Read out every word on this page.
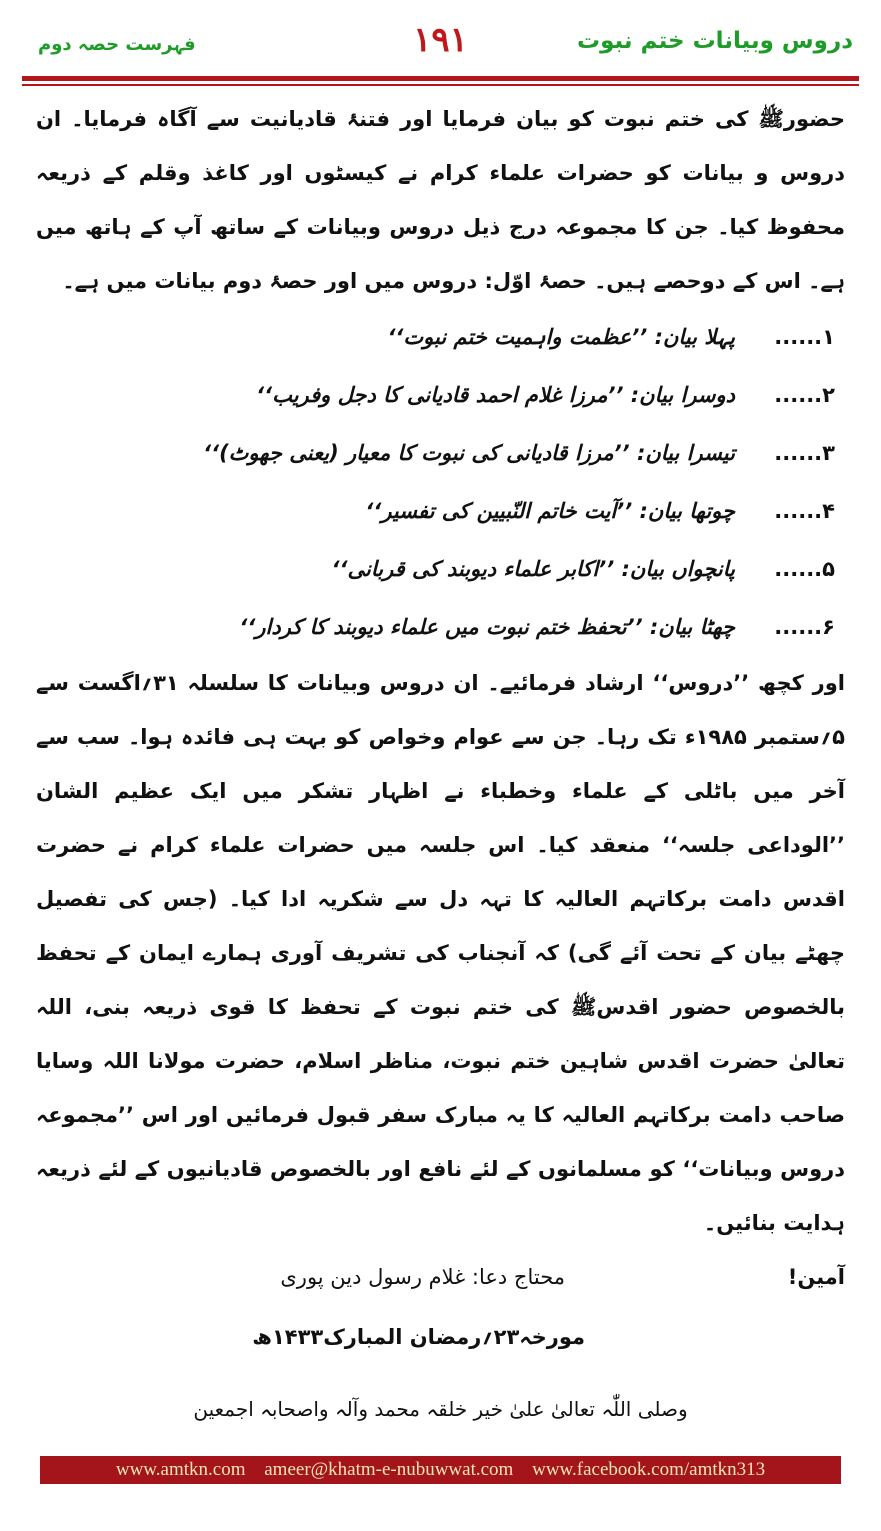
دروس وبیانات ختم نبوت
۱۹۱
فہرست حصہ دوم

حضورﷺ کی ختم نبوت کو بیان فرمایا اور فتنۂ قادیانیت سے آگاہ فرمایا۔ ان دروس و بیانات کو حضرات علماء کرام نے کیسٹوں اور کاغذ وقلم کے ذریعہ محفوظ کیا۔ جن کا مجموعہ درج ذیل دروس وبیانات کے ساتھ آپ کے ہاتھ میں ہے۔ اس کے دوحصے ہیں۔ حصۂ اوّل: دروس میں اور حصۂ دوم بیانات میں ہے۔

۱......
پہلا بیان: ’’عظمت واہمیت ختم نبوت‘‘
۲......
دوسرا بیان: ’’مرزا غلام احمد قادیانی کا دجل وفریب‘‘
۳......
تیسرا بیان: ’’مرزا قادیانی کی نبوت کا معیار (یعنی جھوٹ)‘‘
۴......
چوتھا بیان: ’’آیت خاتم النّبیین کی تفسیر‘‘
۵......
پانچواں بیان: ’’اکابر علماء دیوبند کی قربانی‘‘
۶......
چھٹا بیان: ’’تحفظ ختم نبوت میں علماء دیوبند کا کردار‘‘

اور کچھ ’’دروس‘‘ ارشاد فرمائیے۔ ان دروس وبیانات کا سلسلہ ۳۱؍اگست سے ۵؍ستمبر ۱۹۸۵ء تک رہا۔ جن سے عوام وخواص کو بہت ہی فائدہ ہوا۔ سب سے آخر میں باٹلی کے علماء وخطباء نے اظہار تشکر میں ایک عظیم الشان ’’الوداعی جلسہ‘‘ منعقد کیا۔ اس جلسہ میں حضرات علماء کرام نے حضرت اقدس دامت برکاتہم العالیہ کا تہہ دل سے شکریہ ادا کیا۔ (جس کی تفصیل چھٹے بیان کے تحت آئے گی) کہ آنجناب کی تشریف آوری ہمارے ایمان کے تحفظ بالخصوص حضور اقدسﷺ کی ختم نبوت کے تحفظ کا قوی ذریعہ بنی، اللہ تعالیٰ حضرت اقدس شاہین ختم نبوت، مناظر اسلام، حضرت مولانا اللہ وسایا صاحب دامت برکاتہم العالیہ کا یہ مبارک سفر قبول فرمائیں اور اس ’’مجموعہ دروس وبیانات‘‘ کو مسلمانوں کے لئے نافع اور بالخصوص قادیانیوں کے لئے ذریعہ ہدایت بنائیں۔

آمین!
محتاج دعا: غلام رسول دین پوری
مورخہ۲۳؍رمضان المبارک۱۴۳۳ھ
وصلی اللّٰہ تعالیٰ علیٰ خیر خلقہ محمد وآلہ واصحابہ اجمعین
www.amtkn.com ameer@khatm-e-nubuwwat.com www.facebook.com/amtkn313
